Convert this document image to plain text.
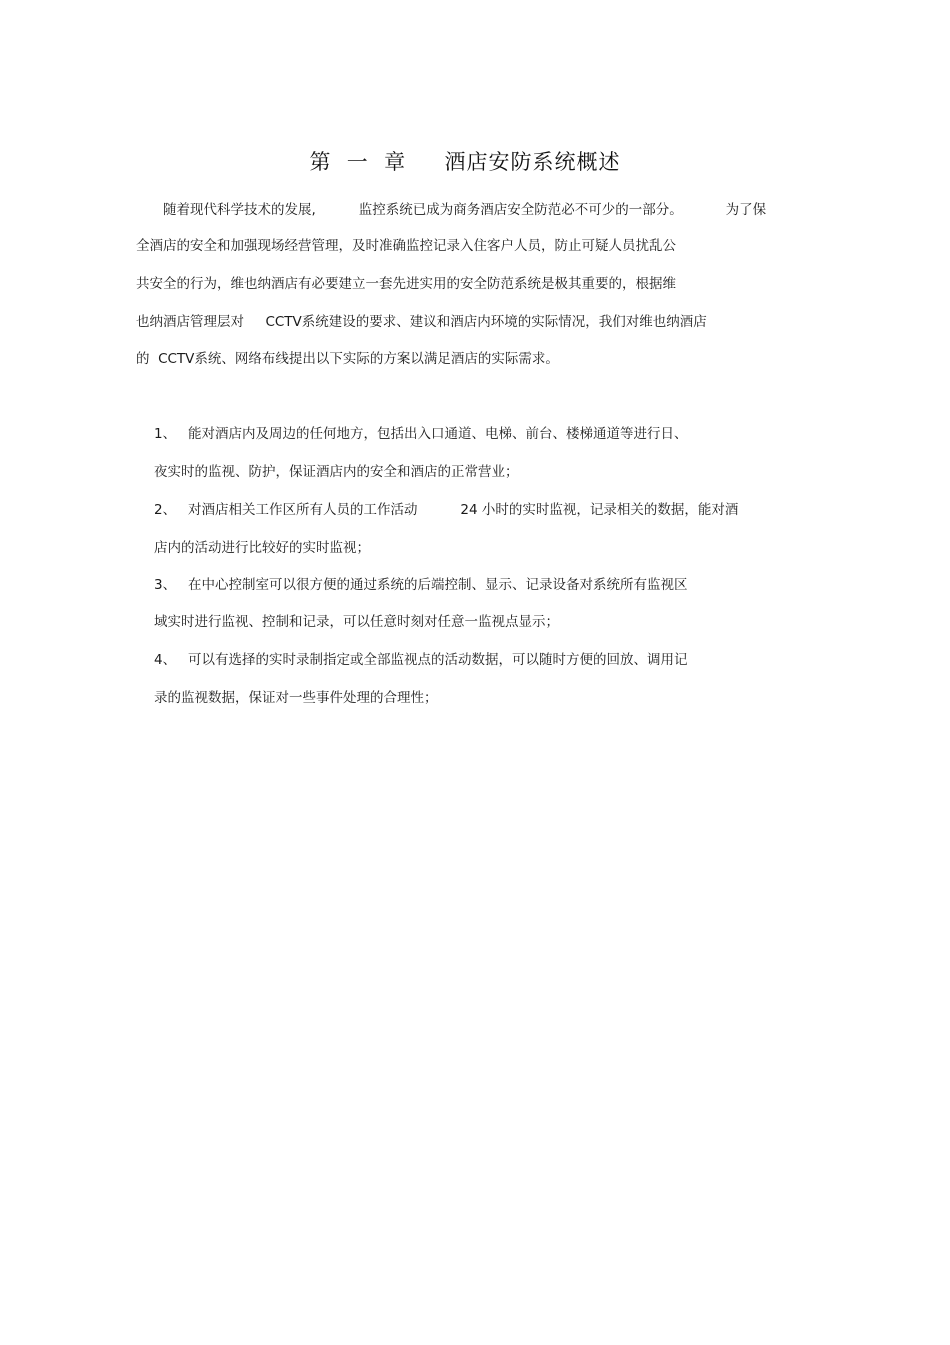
第  一  章     酒店安防系统概述
随着现代科学技术的发展,          监控系统已成为商务酒店安全防范必不可少的一部分。          为了保
全酒店的安全和加强现场经营管理，及时准确监控记录入住客户人员，防止可疑人员扰乱公
共安全的行为，维也纳酒店有必要建立一套先进实用的安全防范系统是极其重要的，根据维
也纳酒店管理层对     CCTV系统建设的要求、建议和酒店内环境的实际情况，我们对维也纳酒店
的  CCTV系统、网络布线提出以下实际的方案以满足酒店的实际需求。
1、 能对酒店内及周边的任何地方，包括出入口通道、电梯、前台、楼梯通道等进行日、
夜实时的监视、防护，保证酒店内的安全和酒店的正常营业；
2、 对酒店相关工作区所有人员的工作活动          24 小时的实时监视，记录相关的数据，能对酒
店内的活动进行比较好的实时监视；
3、 在中心控制室可以很方便的通过系统的后端控制、显示、记录设备对系统所有监视区
域实时进行监视、控制和记录，可以任意时刻对任意一监视点显示；
4、 可以有选择的实时录制指定或全部监视点的活动数据，可以随时方便的回放、调用记
录的监视数据，保证对一些事件处理的合理性；
